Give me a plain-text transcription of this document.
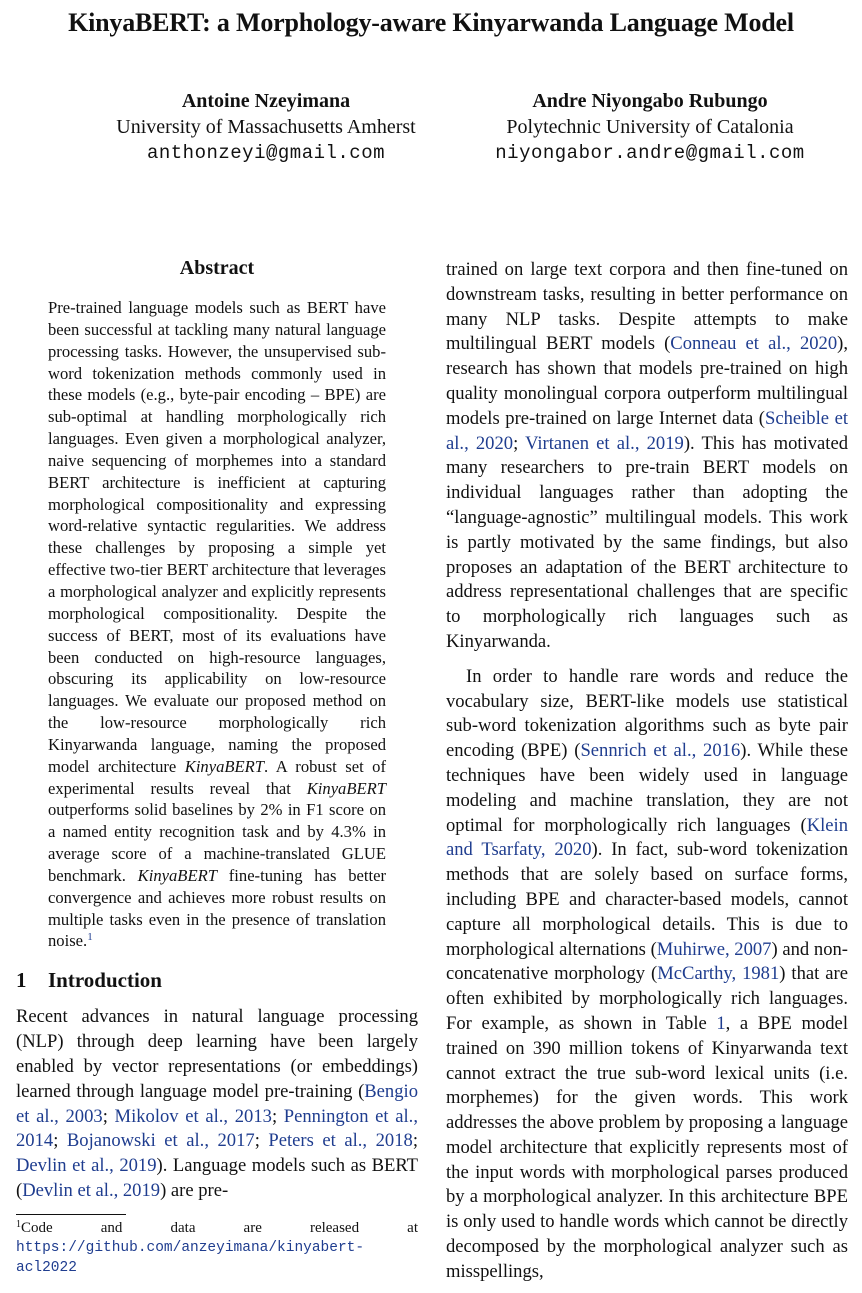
KinyaBERT: a Morphology-aware Kinyarwanda Language Model
Antoine Nzeyimana
University of Massachusetts Amherst
anthonzeyi@gmail.com
Andre Niyongabo Rubungo
Polytechnic University of Catalonia
niyongabor.andre@gmail.com
Abstract
Pre-trained language models such as BERT have been successful at tackling many natural language processing tasks. However, the unsupervised sub-word tokenization methods commonly used in these models (e.g., byte-pair encoding – BPE) are sub-optimal at handling morphologically rich languages. Even given a morphological analyzer, naive sequencing of morphemes into a standard BERT architecture is inefficient at capturing morphological compositionality and expressing word-relative syntactic regularities. We address these challenges by proposing a simple yet effective two-tier BERT architecture that leverages a morphological analyzer and explicitly represents morphological compositionality. Despite the success of BERT, most of its evaluations have been conducted on high-resource languages, obscuring its applicability on low-resource languages. We evaluate our proposed method on the low-resource morphologically rich Kinyarwanda language, naming the proposed model architecture KinyaBERT. A robust set of experimental results reveal that KinyaBERT outperforms solid baselines by 2% in F1 score on a named entity recognition task and by 4.3% in average score of a machine-translated GLUE benchmark. KinyaBERT fine-tuning has better convergence and achieves more robust results on multiple tasks even in the presence of translation noise.$^1$
1 Introduction

Recent advances in natural language processing (NLP) through deep learning have been largely enabled by vector representations (or embeddings) learned through language model pre-training (Bengio et al., 2003; Mikolov et al., 2013; Pennington et al., 2014; Bojanowski et al., 2017; Peters et al., 2018; Devlin et al., 2019). Language models such as BERT (Devlin et al., 2019) are pre-

$^1$Code and data are released at https://github.com/anzeyimana/kinyabert-acl2022

trained on large text corpora and then fine-tuned on downstream tasks, resulting in better performance on many NLP tasks. Despite attempts to make multilingual BERT models (Conneau et al., 2020), research has shown that models pre-trained on high quality monolingual corpora outperform multilingual models pre-trained on large Internet data (Scheible et al., 2020; Virtanen et al., 2019). This has motivated many researchers to pre-train BERT models on individual languages rather than adopting the “language-agnostic” multilingual models. This work is partly motivated by the same findings, but also proposes an adaptation of the BERT architecture to address representational challenges that are specific to morphologically rich languages such as Kinyarwanda.

In order to handle rare words and reduce the vocabulary size, BERT-like models use statistical sub-word tokenization algorithms such as byte pair encoding (BPE) (Sennrich et al., 2016). While these techniques have been widely used in language modeling and machine translation, they are not optimal for morphologically rich languages (Klein and Tsarfaty, 2020). In fact, sub-word tokenization methods that are solely based on surface forms, including BPE and character-based models, cannot capture all morphological details. This is due to morphological alternations (Muhirwe, 2007) and non-concatenative morphology (McCarthy, 1981) that are often exhibited by morphologically rich languages. For example, as shown in Table 1, a BPE model trained on 390 million tokens of Kinyarwanda text cannot extract the true sub-word lexical units (i.e. morphemes) for the given words. This work addresses the above problem by proposing a language model architecture that explicitly represents most of the input words with morphological parses produced by a morphological analyzer. In this architecture BPE is only used to handle words which cannot be directly decomposed by the morphological analyzer such as misspellings,
